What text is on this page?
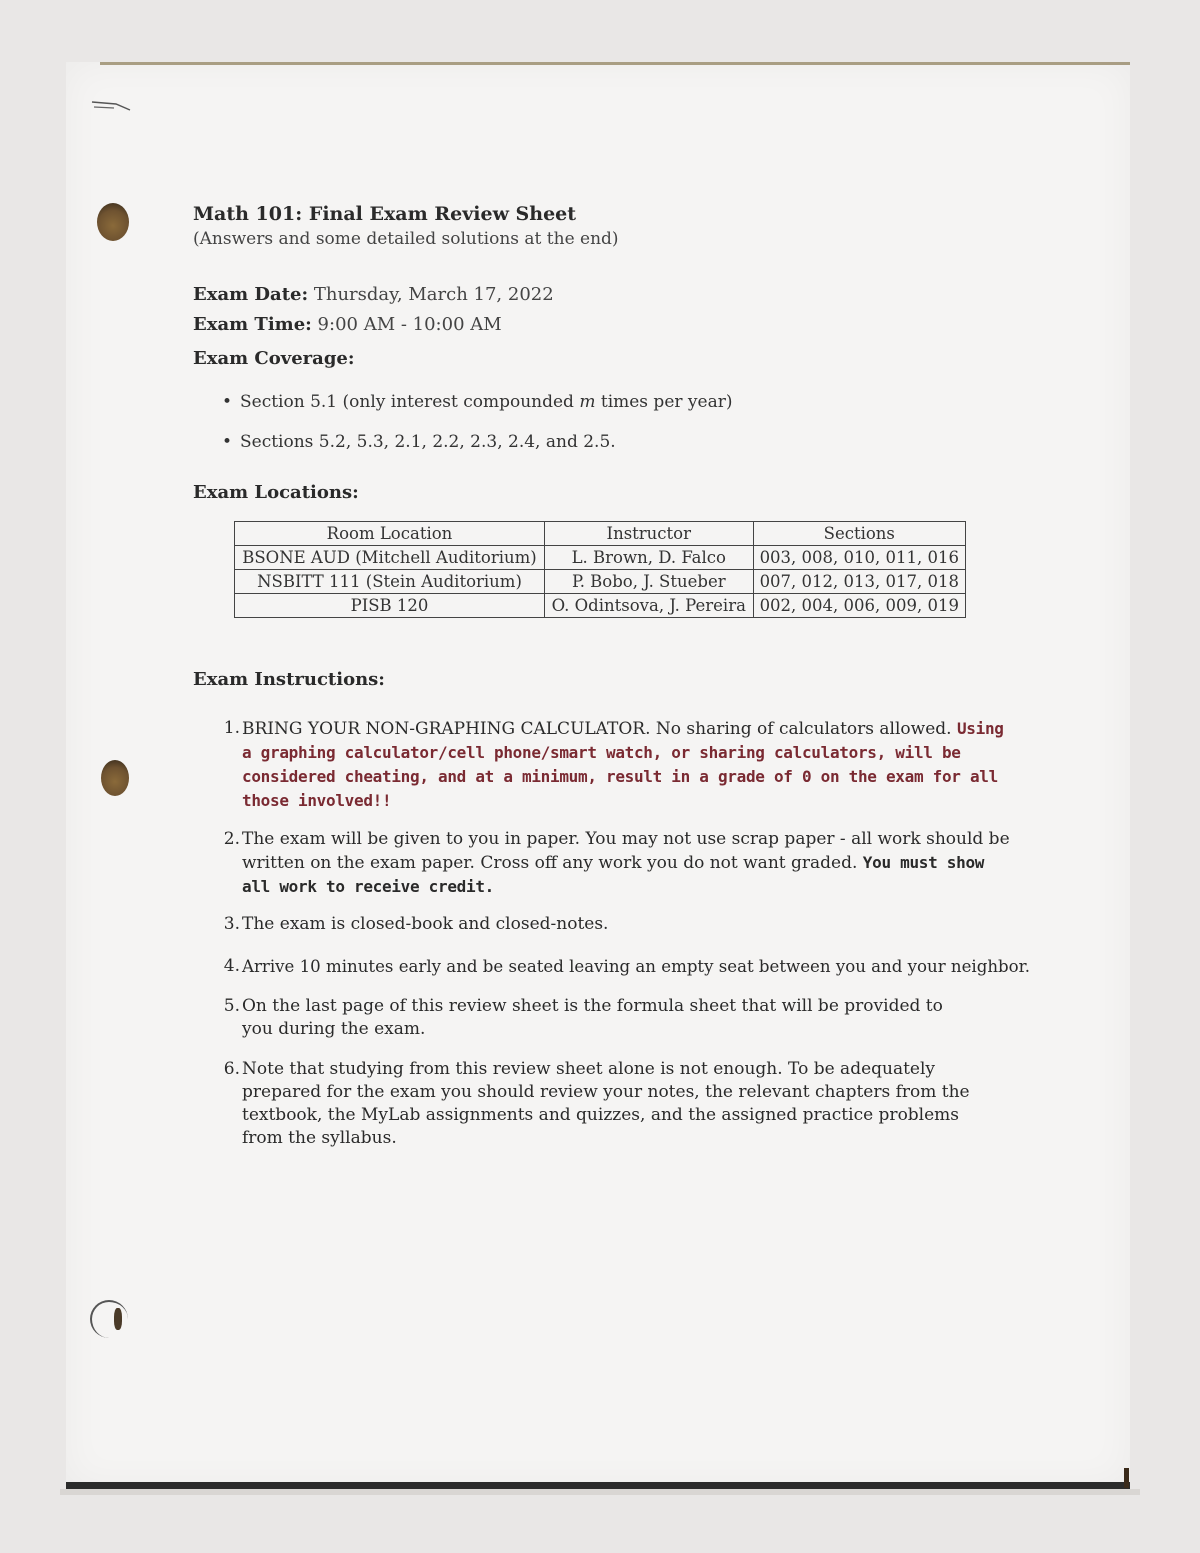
Math 101: Final Exam Review Sheet
(Answers and some detailed solutions at the end)
Exam Date: Thursday, March 17, 2022
Exam Time: 9:00 AM - 10:00 AM
Exam Coverage:
• Section 5.1 (only interest compounded m times per year)
• Sections 5.2, 5.3, 2.1, 2.2, 2.3, 2.4, and 2.5.
Exam Locations:
Room Location	Instructor	Sections
BSONE AUD (Mitchell Auditorium)	L. Brown, D. Falco	003, 008, 010, 011, 016
NSBITT 111 (Stein Auditorium)	P. Bobo, J. Stueber	007, 012, 013, 017, 018
PISB 120	O. Odintsova, J. Pereira	002, 004, 006, 009, 019
Exam Instructions:
1. BRING YOUR NON-GRAPHING CALCULATOR. No sharing of calculators allowed. Using a graphing calculator/cell phone/smart watch, or sharing calculators, will be considered cheating, and at a minimum, result in a grade of 0 on the exam for all those involved!!
2. The exam will be given to you in paper. You may not use scrap paper - all work should be written on the exam paper. Cross off any work you do not want graded. You must show all work to receive credit.
3. The exam is closed-book and closed-notes.
4. Arrive 10 minutes early and be seated leaving an empty seat between you and your neighbor.
5. On the last page of this review sheet is the formula sheet that will be provided to you during the exam.
6. Note that studying from this review sheet alone is not enough. To be adequately prepared for the exam you should review your notes, the relevant chapters from the textbook, the MyLab assignments and quizzes, and the assigned practice problems from the syllabus.
